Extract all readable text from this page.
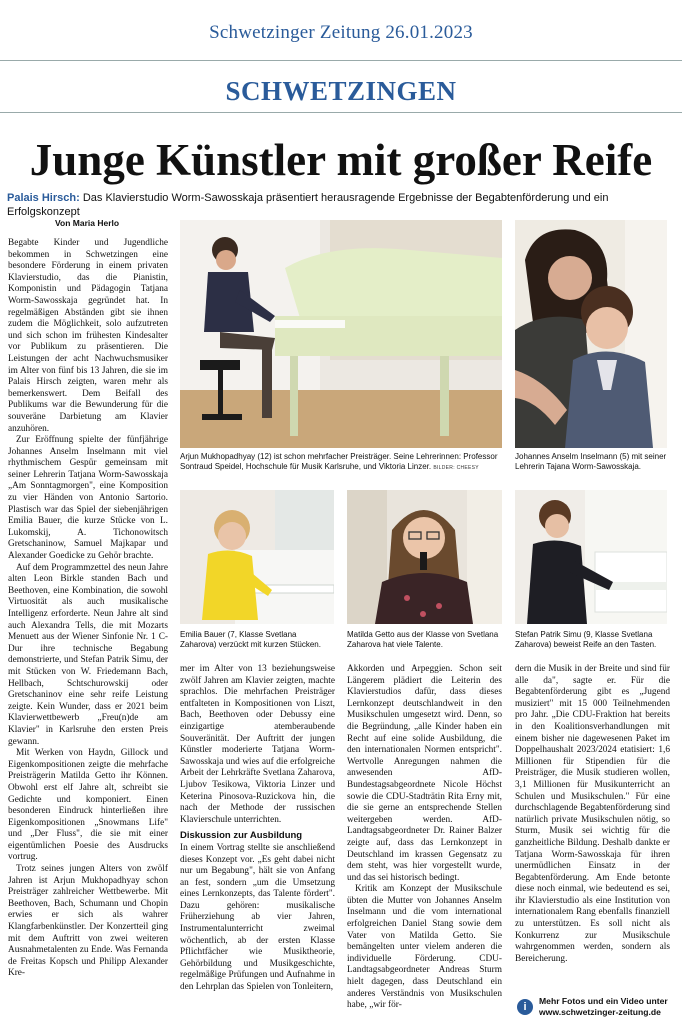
Schwetzinger Zeitung 26.01.2023
SCHWETZINGEN
Junge Künstler mit großer Reife
Palais Hirsch: Das Klavierstudio Worm-Sawosskaja präsentiert herausragende Ergebnisse der Begabtenförderung und ein Erfolgskonzept
Von Maria Herlo
Arjun Mukhopadhyay (12) ist schon mehrfacher Preisträger. Seine Lehrerinnen: Professor Sontraud Speidel, Hochschule für Musik Karlsruhe, und Viktoria Linzer. BILDER: CHEESY
Johannes Anselm Inselmann (5) mit seiner Lehrerin Tajana Worm-Sawosskaja.
Emilia Bauer (7, Klasse Svetlana Zaharova) verzückt mit kurzen Stücken.
Matilda Getto aus der Klasse von Svetlana Zaharova hat viele Talente.
Stefan Patrik Simu (9, Klasse Svetlana Zaharova) beweist Reife an den Tasten.

Begabte Kinder und Jugendliche bekommen in Schwetzingen eine besondere Förderung in einem privaten Klavierstudio, das die Pianistin, Komponistin und Pädagogin Tatjana Worm-Sawosskaja gegründet hat. In regelmäßigen Abständen gibt sie ihnen zudem die Möglichkeit, solo aufzutreten und sich schon im frühesten Kindesalter vor Publikum zu präsentieren. Die Leistungen der acht Nachwuchsmusiker im Alter von fünf bis 13 Jahren, die sie im Palais Hirsch zeigten, waren mehr als bemerkenswert. Dem Beifall des Publikums war die Bewunderung für die souveräne Darbietung am Klavier anzuhören.

Zur Eröffnung spielte der fünfjährige Johannes Anselm Inselmann mit viel rhythmischem Gespür gemeinsam mit seiner Lehrerin Tatjana Worm-Sawosskaja „Am Sonntagmorgen", eine Komposition zu vier Händen von Antonio Sartorio. Plastisch war das Spiel der siebenjährigen Emilia Bauer, die kurze Stücke von L. Lukomskij, A. Tichonowitsch Gretschaninow, Samuel Majkapar und Alexander Goedicke zu Gehör brachte.

Auf dem Programmzettel des neun Jahre alten Leon Birkle standen Bach und Beethoven, eine Kombination, die sowohl Virtuosität als auch musikalische Intelligenz erforderte. Neun Jahre alt sind auch Alexandra Tells, die mit Mozarts Menuett aus der Wiener Sinfonie Nr. 1 C-Dur ihre technische Begabung demonstrierte, und Stefan Patrik Simu, der mit Stücken von W. Friedemann Bach, Hellbach, Schtschurowskij oder Gretschaninov eine sehr reife Leistung zeigte. Kein Wunder, dass er 2021 beim Klavierwettbewerb „Freu(n)de am Klavier" in Karlsruhe den ersten Preis gewann.

Mit Werken von Haydn, Gillock und Eigenkompositionen zeigte die mehrfache Preisträgerin Matilda Getto ihr Können. Obwohl erst elf Jahre alt, schreibt sie Gedichte und komponiert. Einen besonderen Eindruck hinterließen ihre Eigenkompositionen „Snowmans Life" und „Der Fluss", die sie mit einer eigentümlichen Poesie des Ausdrucks vortrug.

Trotz seines jungen Alters von zwölf Jahren ist Arjun Mukhopadhyay schon Preisträger zahlreicher Wettbewerbe. Mit Beethoven, Bach, Schumann und Chopin erwies er sich als wahrer Klangfarbenkünstler. Der Konzertteil ging mit dem Auftritt von zwei weiteren Ausnahmetalenten zu Ende. Was Fernanda de Freitas Kopsch und Philipp Alexander Kre-

mer im Alter von 13 beziehungsweise zwölf Jahren am Klavier zeigten, machte sprachlos. Die mehrfachen Preisträger entfalteten in Kompositionen von Liszt, Bach, Beethoven oder Debussy eine einzigartige atemberaubende Souveränität. Der Auftritt der jungen Künstler moderierte Tatjana Worm-Sawosskaja und wies auf die erfolgreiche Arbeit der Lehrkräfte Svetlana Zaharova, Ljubov Tesikowa, Viktoria Linzer und Keterina Pinosova-Ruzickova hin, die nach der Methode der russischen Klavierschule unterrichten.

Diskussion zur Ausbildung

In einem Vortrag stellte sie anschließend dieses Konzept vor. „Es geht dabei nicht nur um Begabung", hält sie von Anfang an fest, sondern „um die Umsetzung eines Lernkonzepts, das Talente fördert". Dazu gehören: musikalische Früherziehung ab vier Jahren, Instrumentalunterricht zweimal wöchentlich, ab der ersten Klasse Pflichtfächer wie Musiktheorie, Gehörbildung und Musikgeschichte, regelmäßige Prüfungen und Aufnahme in den Lehrplan das Spielen von Tonleitern,

Akkorden und Arpeggien. Schon seit Längerem plädiert die Leiterin des Klavierstudios dafür, dass dieses Lernkonzept deutschlandweit in den Musikschulen umgesetzt wird. Denn, so die Begründung, „alle Kinder haben ein Recht auf eine solide Ausbildung, die den internationalen Normen entspricht". Wertvolle Anregungen nahmen die anwesenden AfD-Bundestagsabgeordnete Nicole Höchst sowie die CDU-Stadträtin Rita Erny mit, die sie gerne an entsprechende Stellen weitergeben werden. AfD-Landtagsabgeordneter Dr. Rainer Balzer zeigte auf, dass das Lernkonzept in Deutschland im krassen Gegensatz zu dem steht, was hier vorgestellt wurde, und das sei historisch bedingt.

Kritik am Konzept der Musikschule übten die Mutter von Johannes Anselm Inselmann und die vom international erfolgreichen Daniel Stang sowie dem Vater von Matilda Getto. Sie bemängelten unter vielem anderen die individuelle Förderung. CDU-Landtagsabgeordneter Andreas Sturm hielt dagegen, dass Deutschland ein anderes Verständnis von Musikschulen habe, „wir för-

dern die Musik in der Breite und sind für alle da", sagte er. Für die Begabtenförderung gibt es „Jugend musiziert" mit 15 000 Teilnehmenden pro Jahr. „Die CDU-Fraktion hat bereits in den Koalitionsverhandlungen mit einem bisher nie dagewesenen Paket im Doppelhaushalt 2023/2024 etatisiert: 1,6 Millionen für Stipendien für die Preisträger, die Musik studieren wollen, 3,1 Millionen für Musikunterricht an Schulen und Musikschulen." Für eine durchschlagende Begabtenförderung sind natürlich private Musikschulen nötig, so Sturm, Musik sei wichtig für die ganzheitliche Bildung. Deshalb dankte er Tatjana Worm-Sawosskaja für ihren unermüdlichen Einsatz in der Begabtenförderung. Am Ende betonte diese noch einmal, wie bedeutend es sei, ihr Klavierstudio als eine Institution von internationalem Rang ebenfalls finanziell zu unterstützen. Es soll nicht als Konkurrenz zur Musikschule wahrgenommen werden, sondern als Bereicherung.

i	Mehr Fotos und ein Video unter
www.schwetzinger-zeitung.de
